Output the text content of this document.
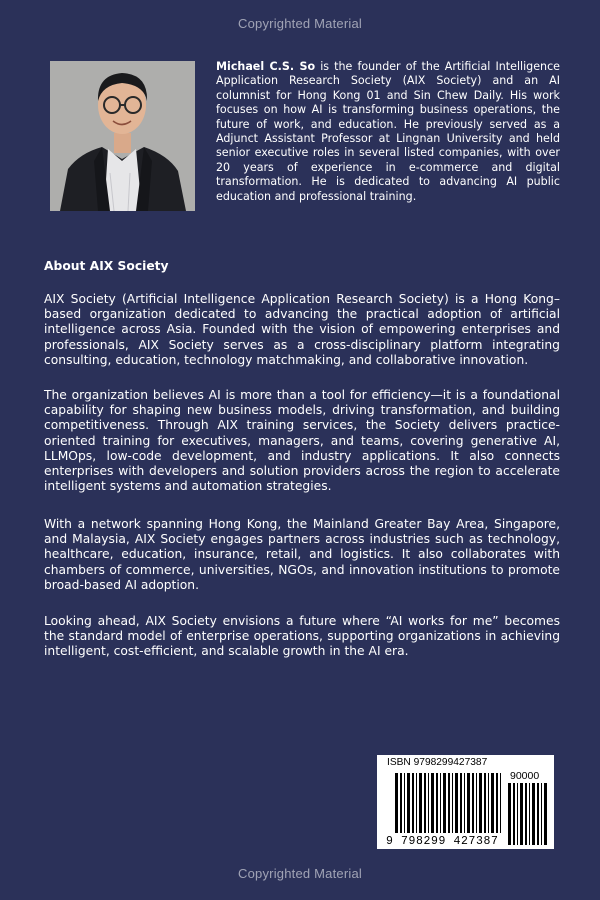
Copyrighted Material

Michael C.S. So is the founder of the Artificial Intelligence Application Research Society (AIX Society) and an AI columnist for Hong Kong 01 and Sin Chew Daily. His work focuses on how AI is transforming business operations, the future of work, and education. He previously served as a Adjunct Assistant Professor at Lingnan University and held senior executive roles in several listed companies, with over 20 years of experience in e-commerce and digital transformation. He is dedicated to advancing AI public education and professional training.

About AIX Society

AIX Society (Artificial Intelligence Application Research Society) is a Hong Kong–based organization dedicated to advancing the practical adoption of artificial intelligence across Asia. Founded with the vision of empowering enterprises and professionals, AIX Society serves as a cross-disciplinary platform integrating consulting, education, technology matchmaking, and collaborative innovation.

The organization believes AI is more than a tool for efficiency—it is a foundational capability for shaping new business models, driving transformation, and building competitiveness. Through AIX training services, the Society delivers practice-oriented training for executives, managers, and teams, covering generative AI, LLMOps, low-code development, and industry applications. It also connects enterprises with developers and solution providers across the region to accelerate intelligent systems and automation strategies.

With a network spanning Hong Kong, the Mainland Greater Bay Area, Singapore, and Malaysia, AIX Society engages partners across industries such as technology, healthcare, education, insurance, retail, and logistics. It also collaborates with chambers of commerce, universities, NGOs, and innovation institutions to promote broad-based AI adoption.

Looking ahead, AIX Society envisions a future where “AI works for me” becomes the standard model of enterprise operations, supporting organizations in achieving intelligent, cost-efficient, and scalable growth in the AI era.

ISBN 9798299427387
90000
9 798299 427387
Copyrighted Material
